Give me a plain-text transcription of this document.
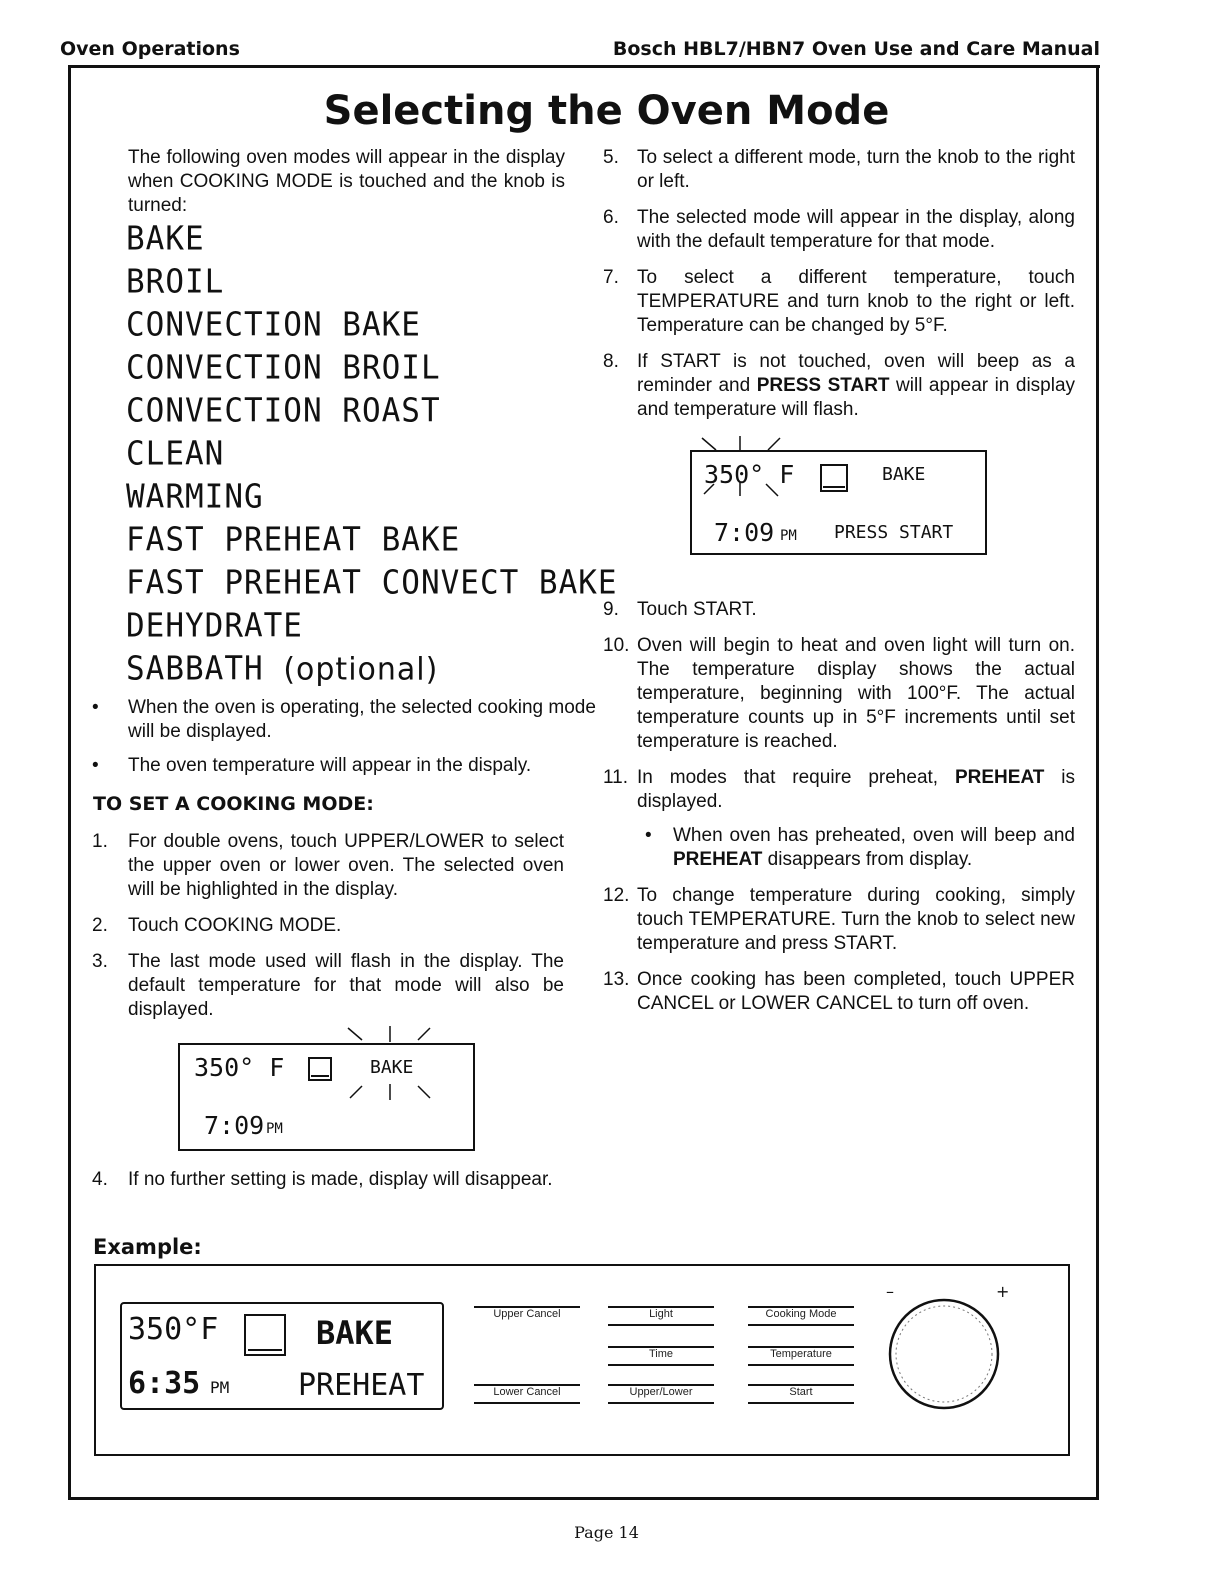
Oven Operations	Bosch HBL7/HBN7 Oven Use and Care Manual
Selecting the Oven Mode
The following oven modes will appear in the display when COOKING MODE is touched and the knob is turned:
BAKE
BROIL
CONVECTION BAKE
CONVECTION BROIL
CONVECTION ROAST
CLEAN
WARMING
FAST PREHEAT BAKE
FAST PREHEAT CONVECT BAKE
DEHYDRATE
SABBATH (optional)
• When the oven is operating, the selected cooking mode will be displayed.
• The oven temperature will appear in the dispaly.
TO SET A COOKING MODE:
1. For double ovens, touch UPPER/LOWER to select the upper oven or lower oven. The selected oven will be highlighted in the display.
2. Touch COOKING MODE.
3. The last mode used will flash in the display. The default temperature for that mode will also be displayed.
350° F	BAKE
7:09 PM
4. If no further setting is made, display will disappear.
5. To select a different mode, turn the knob to the right or left.
6. The selected mode will appear in the display, along with the default temperature for that mode.
7. To select a different temperature, touch TEMPERATURE and turn knob to the right or left. Temperature can be changed by 5°F.
8. If START is not touched, oven will beep as a reminder and PRESS START will appear in display and temperature will flash.
350° F	BAKE
7:09 PM PRESS START
9. Touch START.
10. Oven will begin to heat and oven light will turn on. The temperature display shows the actual temperature, beginning with 100°F. The actual temperature counts up in 5°F increments until set temperature is reached.
11. In modes that require preheat, PREHEAT is displayed.
• When oven has preheated, oven will beep and PREHEAT disappears from display.
12. To change temperature during cooking, simply touch TEMPERATURE. Turn the knob to select new temperature and press START.
13. Once cooking has been completed, touch UPPER CANCEL or LOWER CANCEL to turn off oven.
Example:
350°F	BAKE
6:35 PM PREHEAT
Upper Cancel
Lower Cancel
Light
Time
Upper/Lower
Cooking Mode
Temperature
Start
–	+
Page 14
